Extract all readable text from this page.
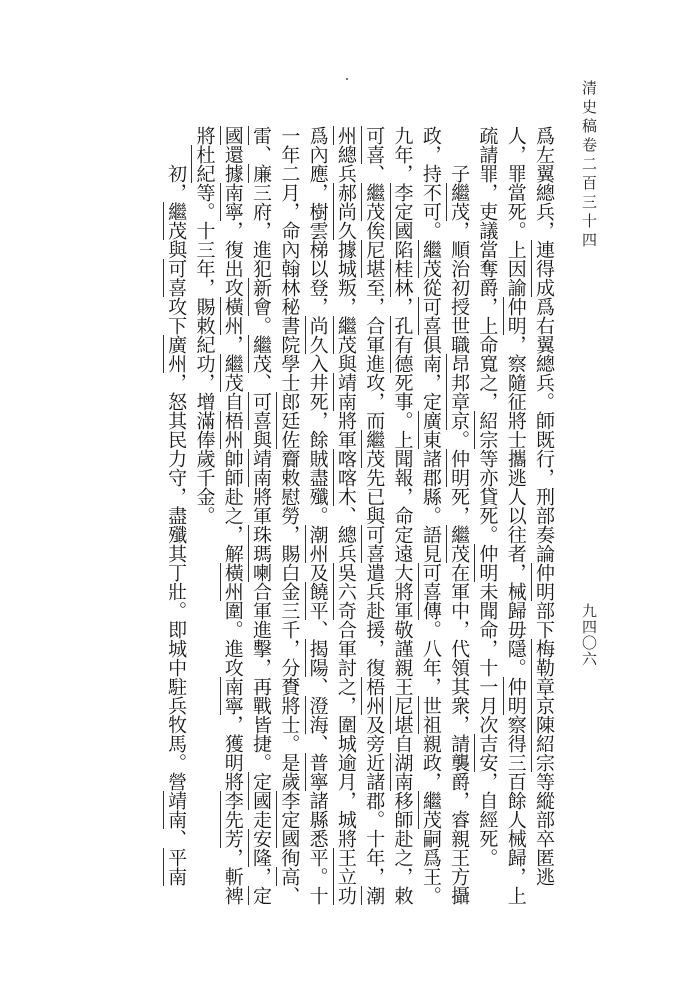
清史稿卷二百三十四
九四〇六

爲左翼總兵，連得成爲右翼總兵。師既行，刑部奏論仲明部下梅勒章京陳紹宗等縱部卒匿逃人，罪當死。上因諭仲明，察隨征將士攜逃人以往者，械歸毋隱。仲明察得三百餘人械歸，上疏請罪，吏議當奪爵，上命寬之，紹宗等亦貸死。仲明未聞命，十一月次吉安，自經死。

子繼茂，順治初授世職昂邦章京。仲明死，繼茂在軍中，代領其衆，請襲爵，睿親王方攝政，持不可。繼茂從可喜俱南，定廣東諸郡縣。語見可喜傳。八年，世祖親政，繼茂嗣爲王。九年，李定國陷桂林，孔有德死事。上聞報，命定遠大將軍敬謹親王尼堪自湖南移師赴之，敕可喜、繼茂俟尼堪至，合軍進攻，而繼茂先已與可喜遣兵赴援，復梧州及旁近諸郡。十年，潮州總兵郝尚久據城叛，繼茂與靖南將軍喀喀木、總兵吳六奇合軍討之，圍城逾月，城將王立功爲內應，樹雲梯以登，尚久入井死，餘賊盡殲。潮州及饒平、揭陽、澄海、普寧諸縣悉平。十一年二月，命內翰林秘書院學士郎廷佐齎敕慰勞，賜白金三千，分賚將士。是歲李定國徇高、雷、廉三府，進犯新會。繼茂、可喜與靖南將軍珠瑪喇合軍進擊，再戰皆捷。定國走安隆，定國還據南寧，復出攻橫州，繼茂自梧州帥師赴之，解橫州圍。進攻南寧，獲明將李先芳，斬裨將杜紀等。十三年，賜敕紀功，增滿俸歲千金。

初，繼茂與可喜攻下廣州，怒其民力守，盡殲其丁壯。即城中駐兵牧馬。營靖南、平南
